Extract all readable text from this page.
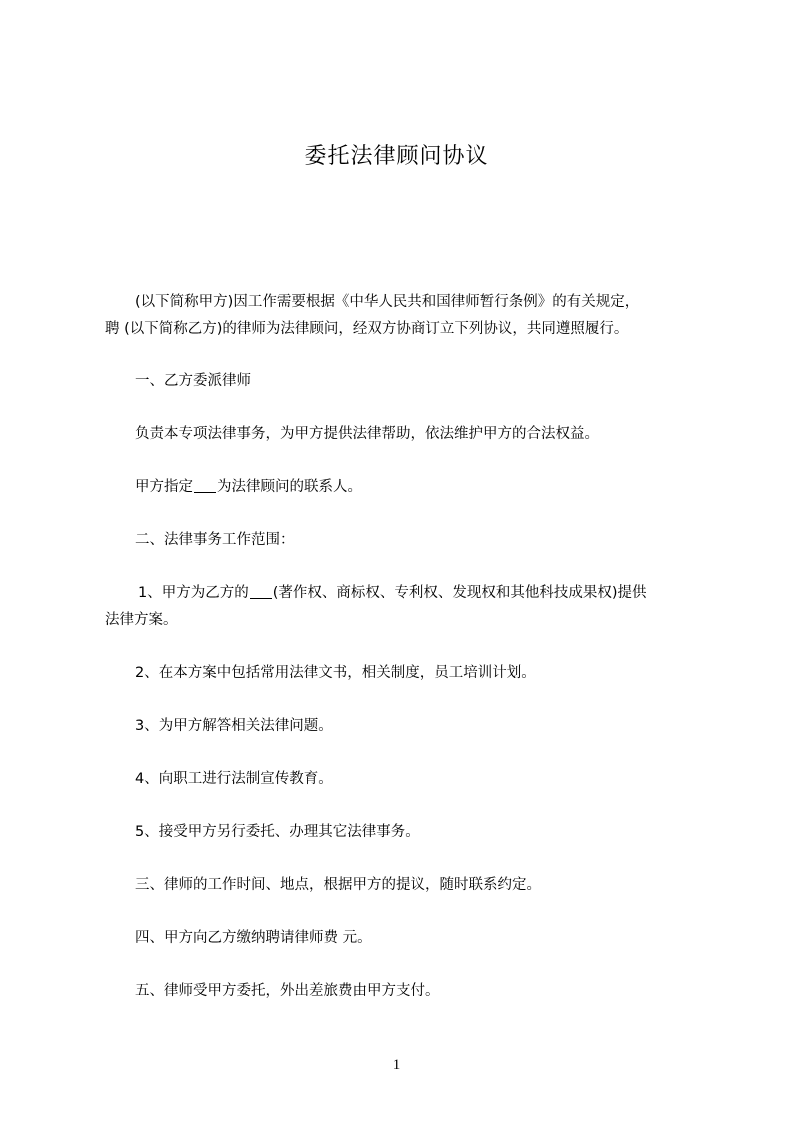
委托法律顾问协议

(以下简称甲方)因工作需要根据《中华人民共和国律师暂行条例》的有关规定，

聘 (以下简称乙方)的律师为法律顾问，经双方协商订立下列协议，共同遵照履行。

一、乙方委派律师

负责本专项法律事务，为甲方提供法律帮助，依法维护甲方的合法权益。

甲方指定 为法律顾问的联系人。

二、法律事务工作范围：

1、甲方为乙方的 (著作权、商标权、专利权、发现权和其他科技成果权)提供

法律方案。

2、在本方案中包括常用法律文书，相关制度，员工培训计划。

3、为甲方解答相关法律问题。

4、向职工进行法制宣传教育。

5、接受甲方另行委托、办理其它法律事务。

三、律师的工作时间、地点，根据甲方的提议，随时联系约定。

四、甲方向乙方缴纳聘请律师费 元。

五、律师受甲方委托，外出差旅费由甲方支付。

1
